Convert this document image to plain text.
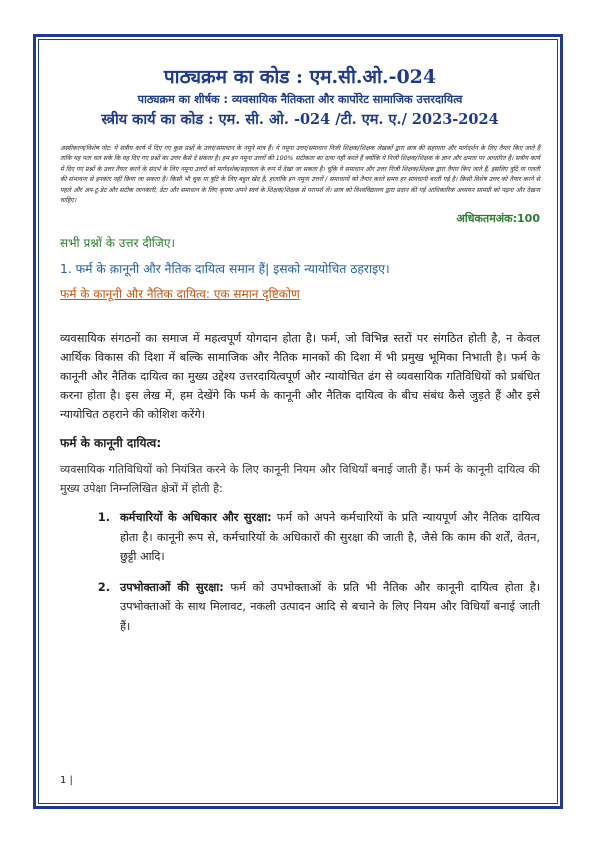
पाठ्यक्रम का कोड : एम.सी.ओ.-024
पाठ्यक्रम का शीर्षक : व्यवसायिक नैतिकता और कार्पोरेट सामाजिक उत्तरदायित्व
स्त्रीय कार्य का कोड : एम. सी. ओ. -024 /टी. एम. ए./ 2023-2024
अस्वीकरण/विशेष नोट: ये सत्रीय कार्य में दिए गए कुछ प्रश्नों के उत्तर/समाधान के नमूने मात्र हैं। ये नमूना उत्तर/समाधान निजी शिक्षक/शिक्षक लेखकों द्वारा छात्र की सहायता और मार्गदर्शन के लिए तैयार किए जाते हैं ताकि यह पता चल सके कि वह दिए गए प्रश्नों का उत्तर कैसे दे सकता है। हम इन नमूना उत्तरों की 100% सटीकता का दावा नहीं करते हैं क्योंकि ये निजी शिक्षक/शिक्षक के ज्ञान और क्षमता पर आधारित हैं। सत्रीय कार्य में दिए गए प्रश्नों के उत्तर तैयार करने के संदर्भ के लिए नमूना उत्तरों को मार्गदर्शक/सहायता के रूप में देखा जा सकता है। चूंकि ये समाधान और उत्तर निजी शिक्षक/शिक्षक द्वारा तैयार किए जाते हैं, इसलिए त्रुटि या गलती की संभावना से इनकार नहीं किया जा सकता है। किसी भी चूक या त्रुटि के लिए बहुत खेद है, हालांकि इन नमूना उत्तरों / समाधानों को तैयार करते समय हर सावधानी बरती गई है। किसी विशेष उत्तर को तैयार करने से पहले और अप-टू-डेट और सटीक जानकारी, डेटा और समाधान के लिए कृपया अपने स्वयं के शिक्षक/शिक्षक से परामर्श लें। छात्र को विश्वविद्यालय द्वारा प्रदान की गई आधिकारिक अध्ययन सामग्री को पढ़ना और देखना चाहिए।
अधिकतमअंक:100
सभी प्रश्नों के उत्तर दीजिए।
1. फर्म के क़ानूनी और नैतिक दायित्व समान हैं| इसको न्यायोचित ठहराइए।
फर्म के कानूनी और नैतिक दायित्व: एक समान दृष्टिकोण
व्यवसायिक संगठनों का समाज में महत्वपूर्ण योगदान होता है। फर्म, जो विभिन्न स्तरों पर संगठित होती है, न केवल आर्थिक विकास की दिशा में बल्कि सामाजिक और नैतिक मानकों की दिशा में भी प्रमुख भूमिका निभाती है। फर्म के कानूनी और नैतिक दायित्व का मुख्य उद्देश्य उत्तरदायित्वपूर्ण और न्यायोचित ढंग से व्यवसायिक गतिविधियों को प्रबंधित करना होता है। इस लेख में, हम देखेंगे कि फर्म के कानूनी और नैतिक दायित्व के बीच संबंध कैसे जुड़ते हैं और इसे न्यायोचित ठहराने की कोशिश करेंगे।
फर्म के कानूनी दायित्व:
व्यवसायिक गतिविधियों को नियंत्रित करने के लिए कानूनी नियम और विधियाँ बनाई जाती हैं। फर्म के कानूनी दायित्व की मुख्य उपेक्षा निम्नलिखित क्षेत्रों में होती है:
1. कर्मचारियों के अधिकार और सुरक्षा: फर्म को अपने कर्मचारियों के प्रति न्यायपूर्ण और नैतिक दायित्व होता है। कानूनी रूप से, कर्मचारियों के अधिकारों की सुरक्षा की जाती है, जैसे कि काम की शर्तें, वेतन, छुट्टी आदि।
2. उपभोक्ताओं की सुरक्षा: फर्म को उपभोक्ताओं के प्रति भी नैतिक और कानूनी दायित्व होता है। उपभोक्ताओं के साथ मिलावट, नकली उत्पादन आदि से बचाने के लिए नियम और विधियाँ बनाई जाती हैं।
1 |
